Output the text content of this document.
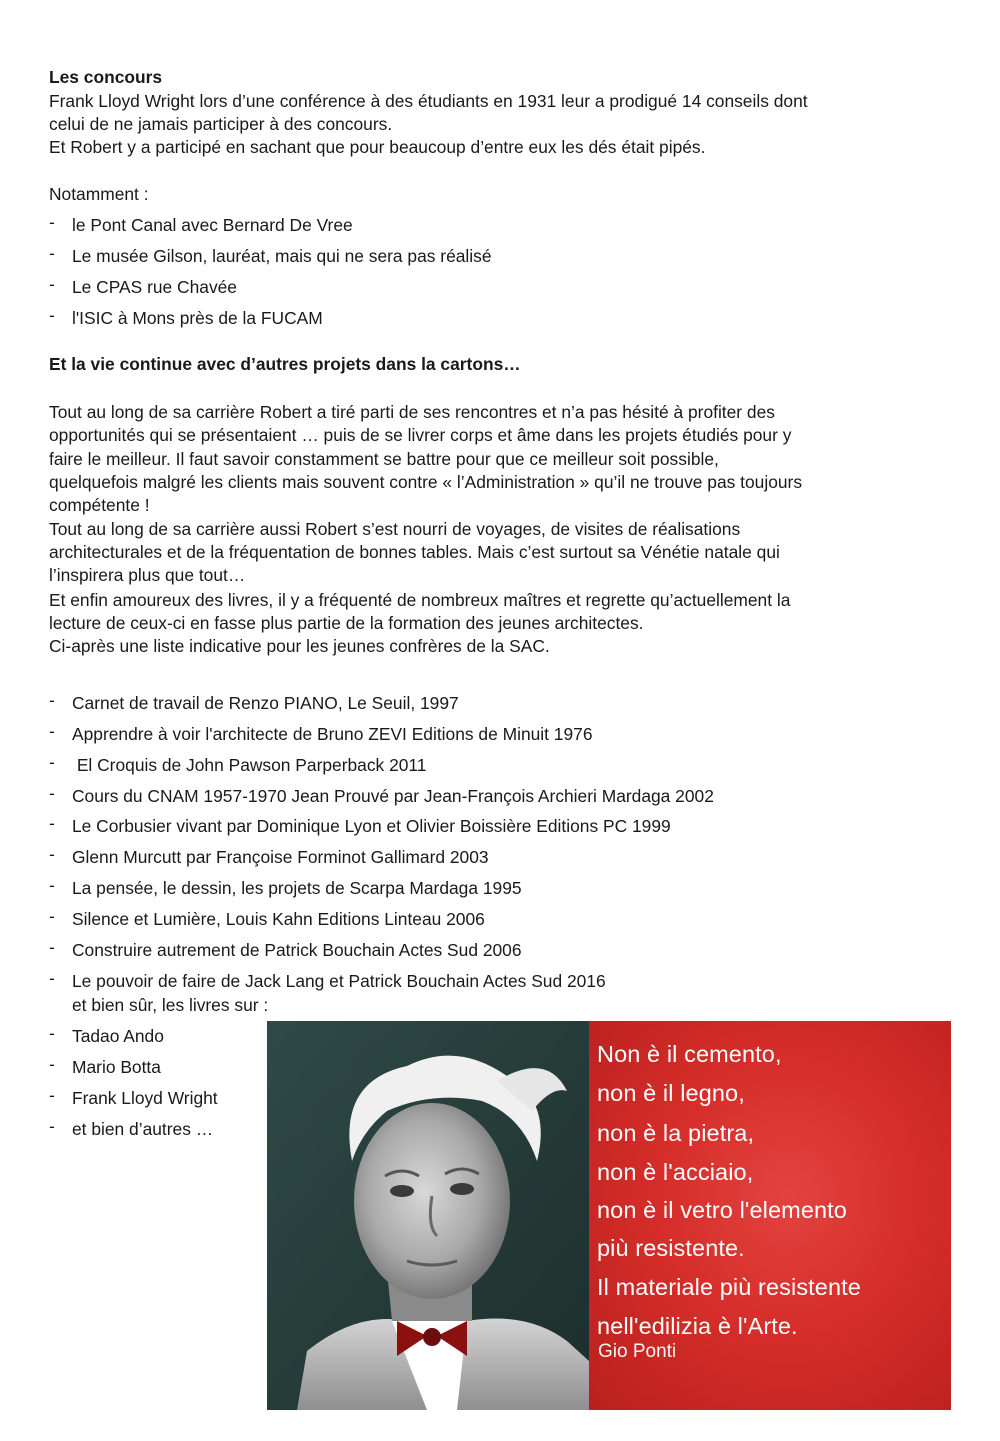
Les concours
Frank Lloyd Wright lors d’une conférence à des étudiants en 1931 leur a prodigué 14 conseils dont
celui de ne jamais participer à des concours.
Et Robert y a participé en sachant que pour beaucoup d’entre eux les dés était pipés.
Notamment :
- le Pont Canal avec Bernard De Vree
- Le musée Gilson, lauréat, mais qui ne sera pas réalisé
- Le CPAS rue Chavée
- l'ISIC à Mons près de la FUCAM
Et la vie continue avec d’autres projets dans la cartons…
Tout au long de sa carrière Robert a tiré parti de ses rencontres et n’a pas hésité à profiter des
opportunités qui se présentaient … puis de se livrer corps et âme dans les projets étudiés pour y
faire le meilleur. Il faut savoir constamment se battre pour que ce meilleur soit possible,
quelquefois malgré les clients mais souvent contre « l’Administration » qu’il ne trouve pas toujours
compétente !
Tout au long de sa carrière aussi Robert s’est nourri de voyages, de visites de réalisations
architecturales et de la fréquentation de bonnes tables. Mais c’est surtout sa Vénétie natale qui
l’inspirera plus que tout…
Et enfin amoureux des livres, il y a fréquenté de nombreux maîtres et regrette qu’actuellement la
lecture de ceux-ci en fasse plus partie de la formation des jeunes architectes.
Ci-après une liste indicative pour les jeunes confrères de la SAC.
- Carnet de travail de Renzo PIANO, Le Seuil, 1997
- Apprendre à voir l'architecte de Bruno ZEVI Editions de Minuit 1976
- El Croquis de John Pawson Parperback 2011
- Cours du CNAM 1957-1970 Jean Prouvé par Jean-François Archieri Mardaga 2002
- Le Corbusier vivant par Dominique Lyon et Olivier Boissière Editions PC 1999
- Glenn Murcutt par Françoise Forminot Gallimard 2003
- La pensée, le dessin, les projets de Scarpa Mardaga 1995
- Silence et Lumière, Louis Kahn Editions Linteau 2006
- Construire autrement de Patrick Bouchain Actes Sud 2006
- Le pouvoir de faire de Jack Lang et Patrick Bouchain Actes Sud 2016
et bien sûr, les livres sur :
- Tadao Ando
- Mario Botta
- Frank Lloyd Wright
- et bien d’autres …
Non è il cemento,
non è il legno,
non è la pietra,
non è l'acciaio,
non è il vetro l'elemento
più resistente.
Il materiale più resistente
nell'edilizia è l'Arte.
Gio Ponti
